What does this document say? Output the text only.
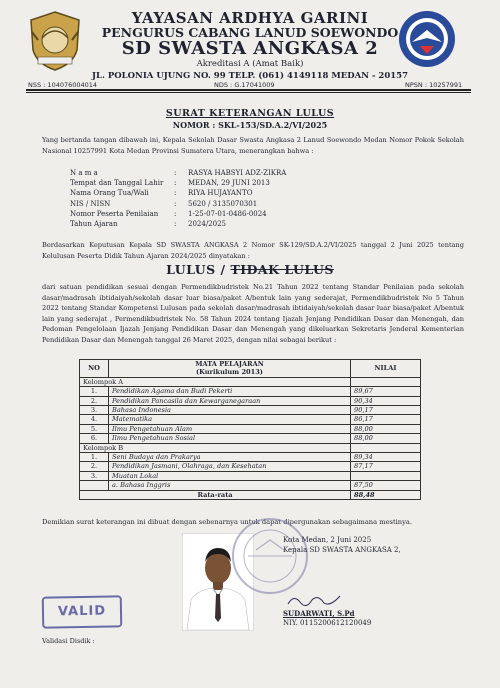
YAYASAN ARDHYA GARINI
PENGURUS CABANG LANUD SOEWONDO
SD SWASTA ANGKASA 2
Akreditasi A (Amat Baik)
JL. POLONIA UJUNG NO. 99 TELP. (061) 4149118 MEDAN - 20157
NSS : 104076004014	NDS : G.17041009	NPSN : 10257991
SURAT KETERANGAN LULUS
NOMOR : SKL-153/SD.A.2/VI/2025
Yang bertanda tangan dibawah ini, Kepala Sekolah Dasar Swasta Angkasa 2 Lanud Soewondo Medan Nomor Pokok Sekolah Nasional 10257991 Kota Medan Provinsi Sumatera Utara, menerangkan bahwa :
N a m a	:	RASYA HABSYI ADZ-ZIKRA
Tempat dan Tanggal Lahir	:	MEDAN, 29 JUNI 2013
Nama Orang Tua/Wali	:	RIYA HUJAYANTO
NIS / NISN	:	5620 / 3135070301
Nomor Peserta Penilaian	:	1-25-07-01-0486-0024
Tahun Ajaran	:	2024/2025
Berdasarkan Keputusan Kepala SD SWASTA ANGKASA 2 Nomor SK-129/SD.A.2/VI/2025 tanggal 2 Juni 2025 tentang Kelulusan Peserta Didik Tahun Ajaran 2024/2025 dinyatakan :
LULUS / TIDAK LULUS
dari satuan pendidikan sesuai dengan Permendikbudristek No.21 Tahun 2022 tentang Standar Penilaian pada sekolah dasar/madrasah ibtidaiyah/sekolah dasar luar biasa/paket A/bentuk lain yang sederajat, Permendikbudristek No 5 Tahun 2022 tentang Standar Kompetensi Lulusan pada sekolah dasar/madrasah ibtidaiyah/sekolah dasar luar biasa/paket A/bentuk lain yang sederajat , Permendikbudristek No. 58 Tahun 2024 tentang Ijazah Jenjang Pendidikan Dasar dan Menengah, dan Pedoman Pengelolaan Ijazah Jenjang Pendidikan Dasar dan Menengah yang dikeluarkan Sekretaris Jenderal Kementerian Pendidikan Dasar dan Menengah tanggal 26 Maret 2025, dengan nilai sebagai berikut :
NO	MATA PELAJARAN
(Kurikulum 2013)	NILAI
Kelompok A		
1.	Pendidikan Agama dan Budi Pekerti	89,67
2.	Pendidikan Pancasila dan Kewarganegaraan	90,34
3.	Bahasa Indonesia	90,17
4.	Matematika	86,17
5.	Ilmu Pengetahuan Alam	88,00
6.	Ilmu Pengetahuan Sosial	88,00
Kelompok B		
1.	Seni Budaya dan Prakarya	89,34
2.	Pendidikan Jasmani, Olahraga, dan Kesehatan	87,17
3.	Muatan Lokal	
	a. Bahasa Inggris	87,50
Rata-rata		88,48
Demikian surat keterangan ini dibuat dengan sebenarnya untuk dapat dipergunakan sebagaimana mestinya.
VALID
Validasi Disdik :
Kota Medan, 2 Juni 2025
Kepala SD SWASTA ANGKASA 2,
SUDARWATI, S.Pd
NIY. 0115200612120049
